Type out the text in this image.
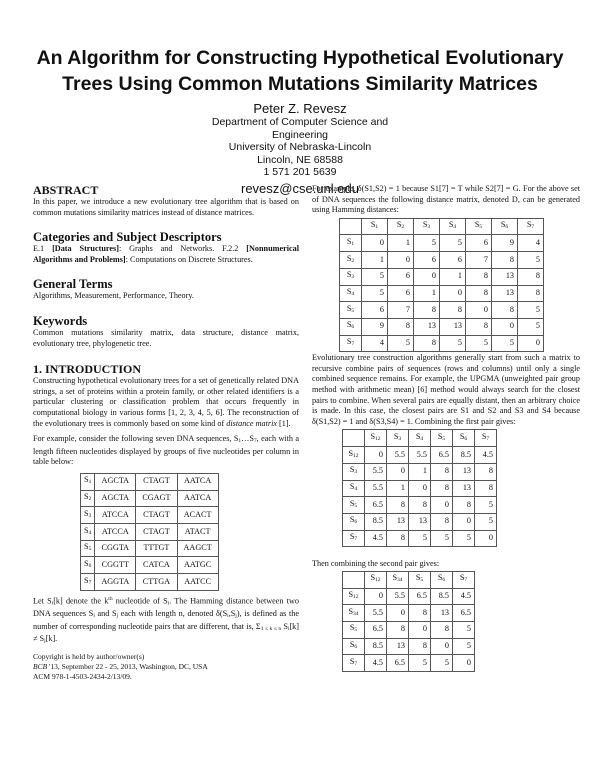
An Algorithm for Constructing Hypothetical Evolutionary
Trees Using Common Mutations Similarity Matrices
Peter Z. Revesz
Department of Computer Science and
Engineering
University of Nebraska-Lincoln
Lincoln, NE 68588
1 571 201 5639
revesz@cse.unl.edu
ABSTRACT

In this paper, we introduce a new evolutionary tree algorithm that is based on common mutations similarity matrices instead of distance matrices.

Categories and Subject Descriptors

E.1 [Data Structures]: Graphs and Networks. F.2.2 [Nonnumerical Algorithms and Problems]: Computations on Discrete Structures.

General Terms

Algorithms, Measurement, Performance, Theory.

Keywords

Common mutations similarity matrix, data structure, distance matrix, evolutionary tree, phylogenetic tree.

1. INTRODUCTION

Constructing hypothetical evolutionary trees for a set of genetically related DNA strings, a set of proteins within a protein family, or other related identifiers is a particular clustering or classification problem that occurs frequently in computational biology in various forms [1, 2, 3, 4, 5, 6]. The reconstruction of the evolutionary trees is commonly based on some kind of distance matrix [1].

For example, consider the following seven DNA sequences, $S_1\dots S_7$, each with a length fifteen nucleotides displayed by groups of five nucleotides per column in table below:

$S_1$	AGCTA	CTAGT	AATCA
$S_2$	AGCTA	CGAGT	AATCA
$S_3$	ATCCA	CTAGT	ACACT
$S_4$	ATCCA	CTAGT	ATACT
$S_5$	CGGTA	TTTGT	AAGCT
$S_6$	CGGTT	CATCA	AATGC
$S_7$	AGGTA	CTTGA	AATCC

Let $S_i[k]$ denote the $k^{th}$ nucleotide of $S_i$. The Hamming distance between two DNA sequences $S_i$ and $S_j$ each with length n, denoted $\delta(S_i,S_j)$, is defined as the number of corresponding nucleotide pairs that are different, that is, $\Sigma_{1 \le k \le n}$ $S_i[k] \ne S_j[k]$.

Copyright is held by author/owner(s)
BCB '13, September 22 - 25, 2013, Washington, DC, USA
ACM 978-1-4503-2434-2/13/09.

For example, δ(S1,S2) = 1 because S1[7] = T while S2[7] = G. For the above set of DNA sequences the following distance matrix, denoted D, can be generated using Hamming distances:

	$S_1$	$S_2$	$S_3$	$S_4$	$S_5$	$S_6$	$S_7$
$S_1$	0	1	5	5	6	9	4
$S_2$	1	0	6	6	7	8	5
$S_3$	5	6	0	1	8	13	8
$S_4$	5	6	1	0	8	13	8
$S_5$	6	7	8	8	0	8	5
$S_6$	9	8	13	13	8	0	5
$S_7$	4	5	8	5	5	5	0

Evolutionary tree construction algorithms generally start from such a matrix to recursive combine pairs of sequences (rows and columns) until only a single combined sequence remains. For example, the UPGMA (unweighted pair group method with arithmetic mean) [6] method would always search for the closest pairs to combine. When several pairs are equally distant, then an arbitrary choice is made. In this case, the closest pairs are S1 and S2 and S3 and S4 because δ(S1,S2) = 1 and δ(S3,S4) = 1. Combining the first pair gives:

	$S_{12}$	$S_3$	$S_4$	$S_5$	$S_6$	$S_7$
$S_{12}$	0	5.5	5.5	6.5	8.5	4.5
$S_3$	5.5	0	1	8	13	8
$S_4$	5.5	1	0	8	13	8
$S_5$	6.5	8	8	0	8	5
$S_6$	8.5	13	13	8	0	5
$S_7$	4.5	8	5	5	5	0

Then combining the second pair gives:

	$S_{12}$	$S_{34}$	$S_5$	$S_6$	$S_7$
$S_{12}$	0	5.5	6.5	8.5	4.5
$S_{34}$	5.5	0	8	13	6.5
$S_5$	6.5	8	0	8	5
$S_6$	8.5	13	8	0	5
$S_7$	4.5	6.5	5	5	0
